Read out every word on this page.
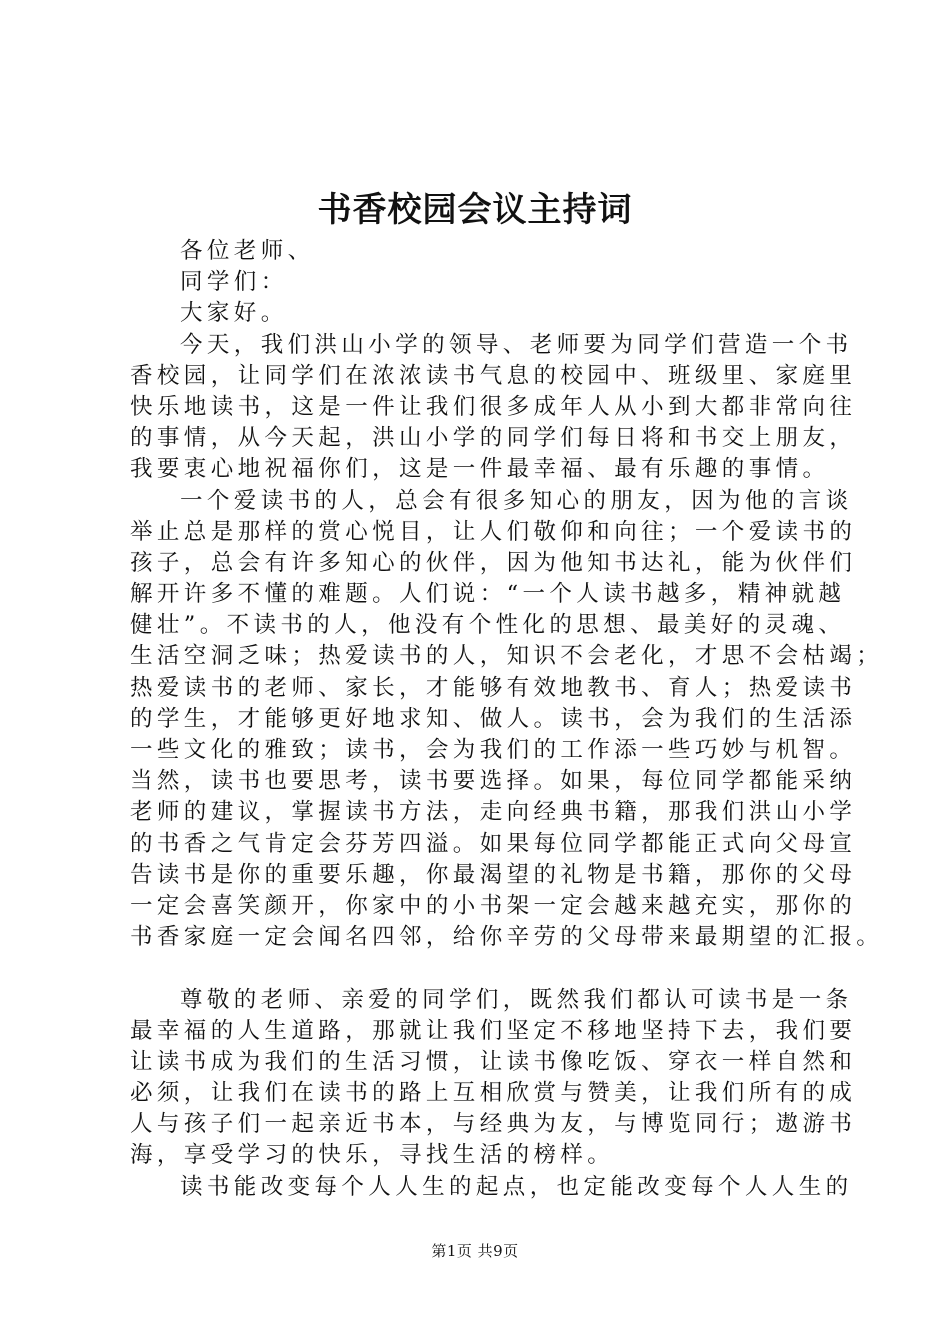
书香校园会议主持词
各位老师、
同学们：
大家好。
今天，我们洪山小学的领导、老师要为同学们营造一个书
香校园，让同学们在浓浓读书气息的校园中、班级里、家庭里
快乐地读书，这是一件让我们很多成年人从小到大都非常向往
的事情，从今天起，洪山小学的同学们每日将和书交上朋友，
我要衷心地祝福你们，这是一件最幸福、最有乐趣的事情。
一个爱读书的人，总会有很多知心的朋友，因为他的言谈
举止总是那样的赏心悦目，让人们敬仰和向往；一个爱读书的
孩子，总会有许多知心的伙伴，因为他知书达礼，能为伙伴们
解开许多不懂的难题。人们说：“一个人读书越多，精神就越
健壮”。不读书的人，他没有个性化的思想、最美好的灵魂、
生活空洞乏味；热爱读书的人，知识不会老化，才思不会枯竭；
热爱读书的老师、家长，才能够有效地教书、育人；热爱读书
的学生，才能够更好地求知、做人。读书，会为我们的生活添
一些文化的雅致；读书，会为我们的工作添一些巧妙与机智。
当然，读书也要思考，读书要选择。如果，每位同学都能采纳
老师的建议，掌握读书方法，走向经典书籍，那我们洪山小学
的书香之气肯定会芬芳四溢。如果每位同学都能正式向父母宣
告读书是你的重要乐趣，你最渴望的礼物是书籍，那你的父母
一定会喜笑颜开，你家中的小书架一定会越来越充实，那你的
书香家庭一定会闻名四邻，给你辛劳的父母带来最期望的汇报。
尊敬的老师、亲爱的同学们，既然我们都认可读书是一条
最幸福的人生道路，那就让我们坚定不移地坚持下去，我们要
让读书成为我们的生活习惯，让读书像吃饭、穿衣一样自然和
必须，让我们在读书的路上互相欣赏与赞美，让我们所有的成
人与孩子们一起亲近书本，与经典为友，与博览同行；遨游书
海，享受学习的快乐，寻找生活的榜样。
读书能改变每个人人生的起点，也定能改变每个人人生的
第1页 共9页
